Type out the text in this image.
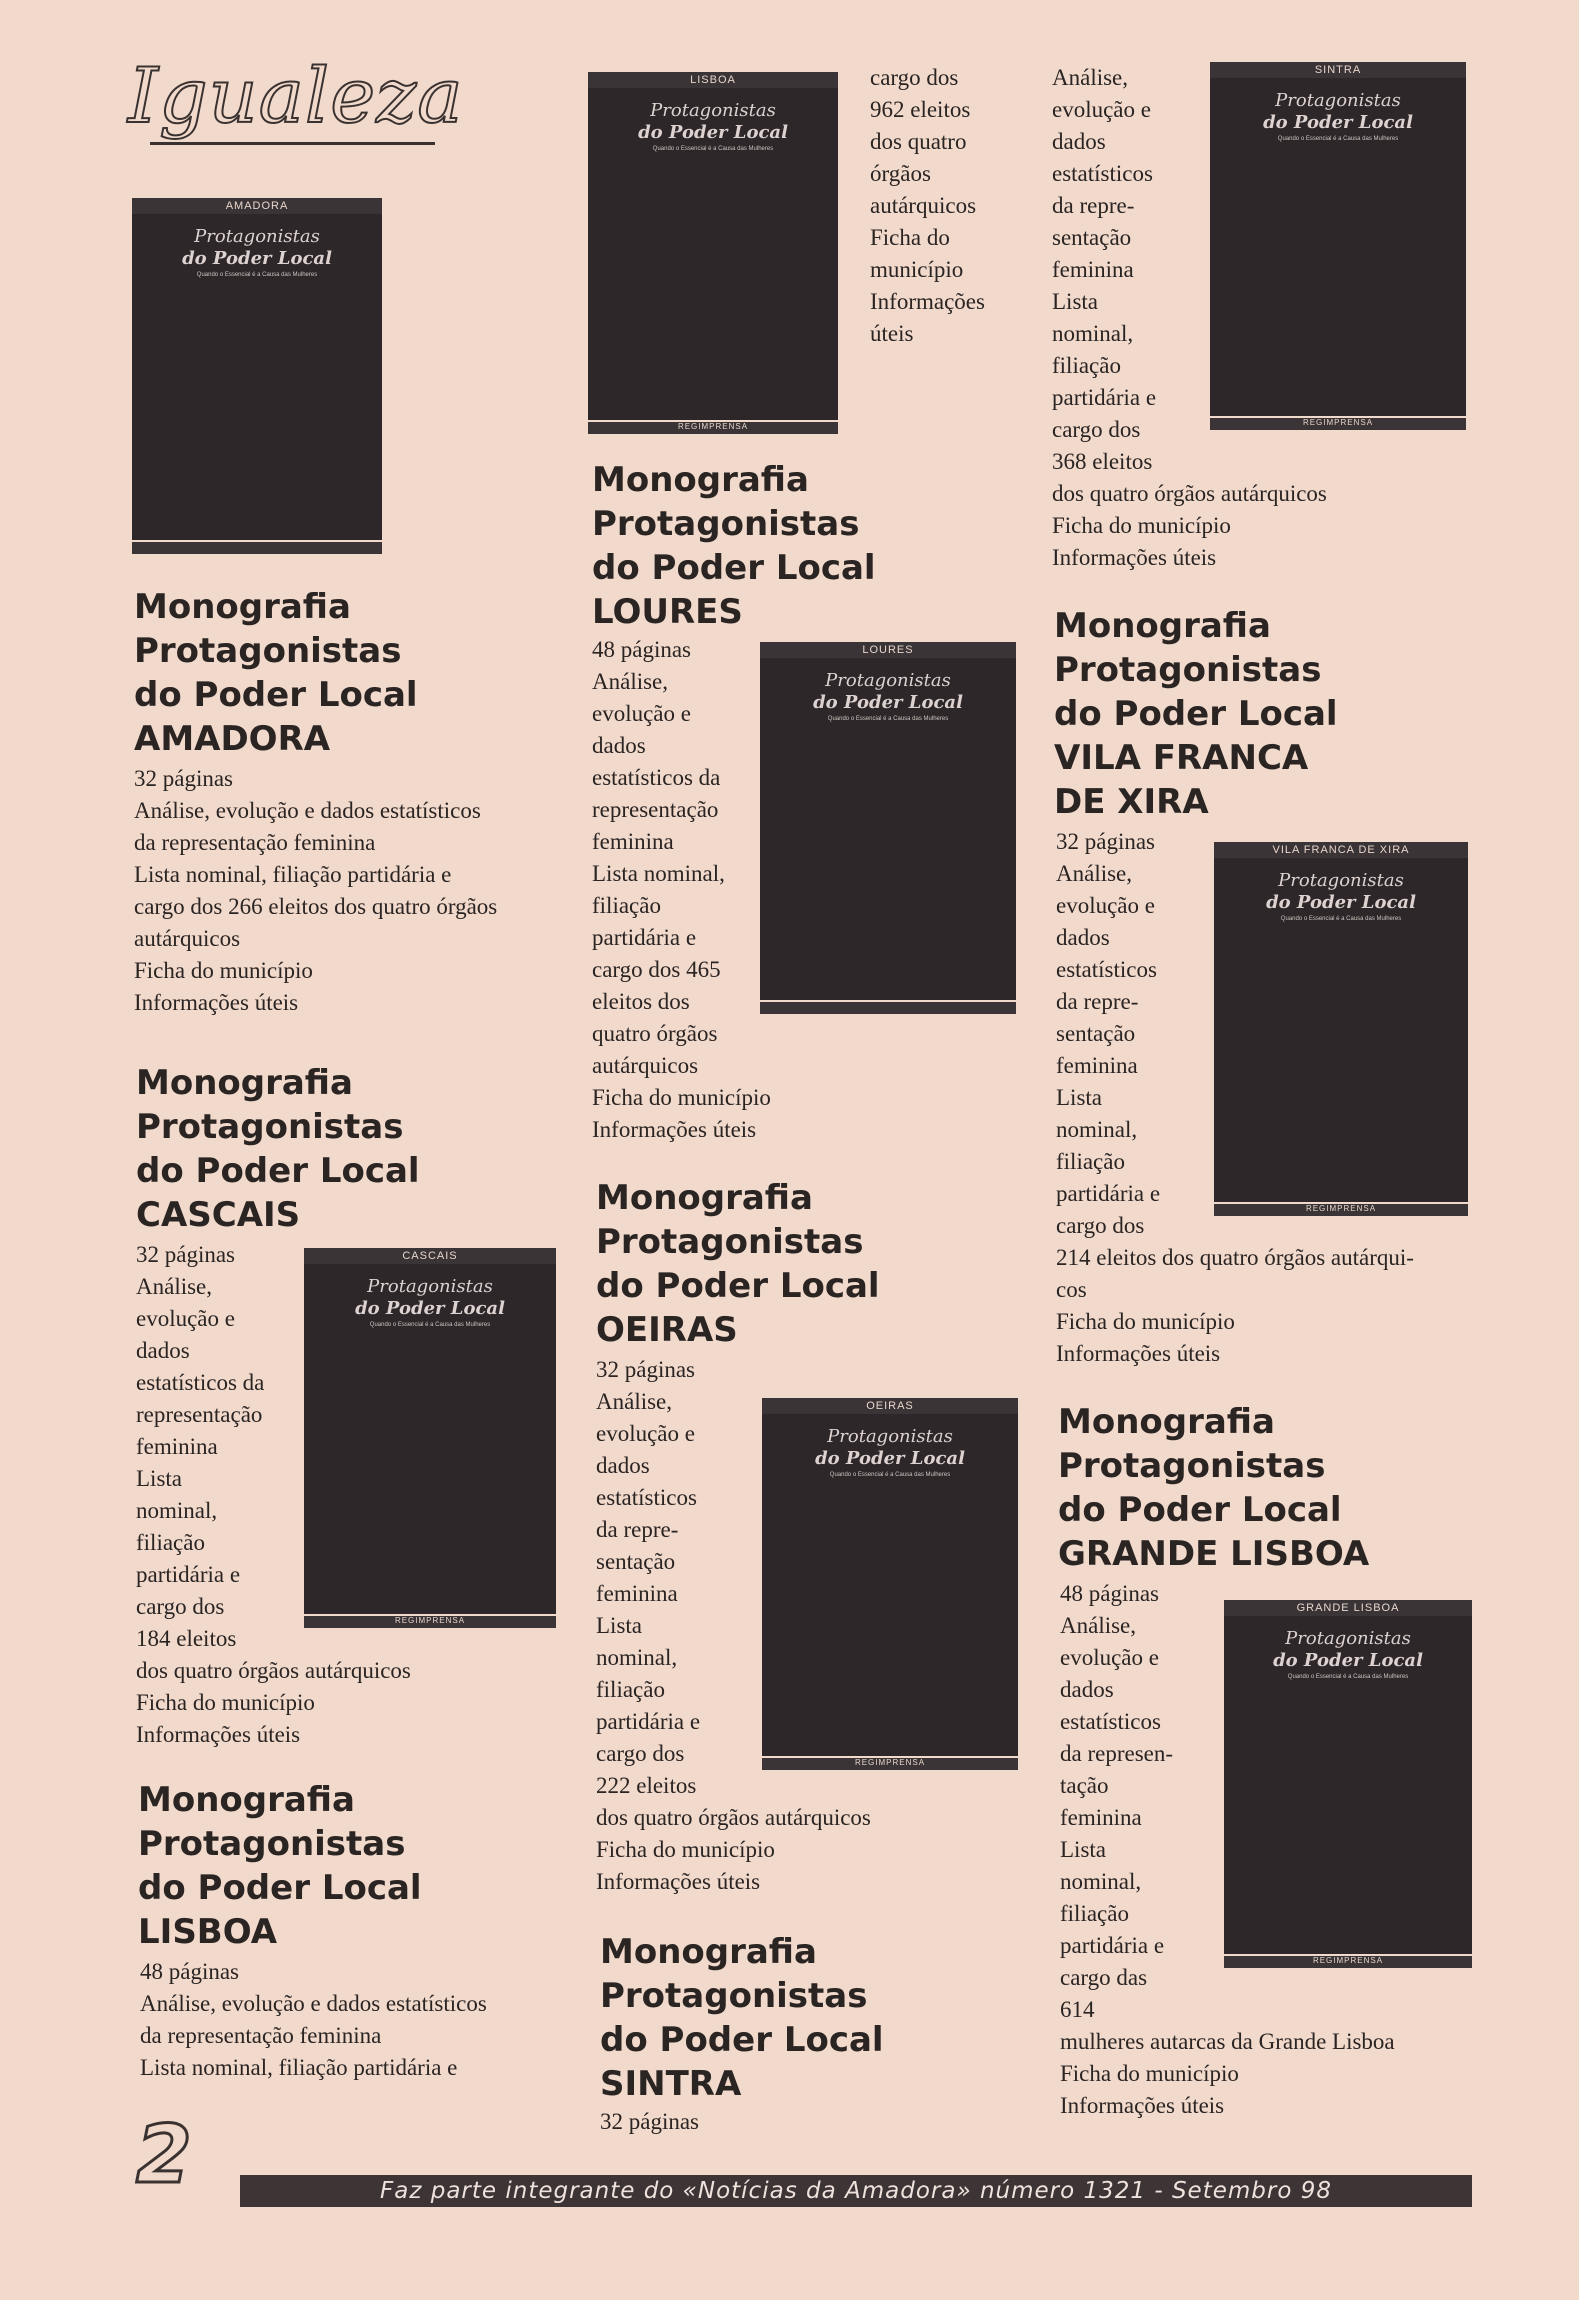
Igualeza
AMADORA
Protagonistas
do Poder Local
Quando o Essencial é a Causa das Mulheres
CASCAIS
Protagonistas
do Poder Local
Quando o Essencial é a Causa das Mulheres
REGIMPRENSA
LISBOA
Protagonistas
do Poder Local
Quando o Essencial é a Causa das Mulheres
REGIMPRENSA
LOURES
Protagonistas
do Poder Local
Quando o Essencial é a Causa das Mulheres
OEIRAS
Protagonistas
do Poder Local
Quando o Essencial é a Causa das Mulheres
REGIMPRENSA
SINTRA
Protagonistas
do Poder Local
Quando o Essencial é a Causa das Mulheres
REGIMPRENSA
VILA FRANCA DE XIRA
Protagonistas
do Poder Local
Quando o Essencial é a Causa das Mulheres
REGIMPRENSA
GRANDE LISBOA
Protagonistas
do Poder Local
Quando o Essencial é a Causa das Mulheres
REGIMPRENSA
Monografia
Protagonistas
do Poder Local
AMADORA
32 páginas
Análise, evolução e dados estatísticos
da representação feminina
Lista nominal, filiação partidária e
cargo dos 266 eleitos dos quatro órgãos
autárquicos
Ficha do município
Informações úteis
Monografia
Protagonistas
do Poder Local
CASCAIS
32 páginas
Análise,
evolução e
dados
estatísticos da
representação
feminina
Lista
nominal,
filiação
partidária e
cargo dos
184 eleitos
dos quatro órgãos autárquicos
Ficha do município
Informações úteis
Monografia
Protagonistas
do Poder Local
LISBOA
48 páginas
Análise, evolução e dados estatísticos
da representação feminina
Lista nominal, filiação partidária e
cargo dos
962 eleitos
dos quatro
órgãos
autárquicos
Ficha do
município
Informações
úteis
Monografia
Protagonistas
do Poder Local
LOURES
48 páginas
Análise,
evolução e
dados
estatísticos da
representação
feminina
Lista nominal,
filiação
partidária e
cargo dos 465
eleitos dos
quatro órgãos
autárquicos
Ficha do município
Informações úteis
Monografia
Protagonistas
do Poder Local
OEIRAS
32 páginas
Análise,
evolução e
dados
estatísticos
da repre-
sentação
feminina
Lista
nominal,
filiação
partidária e
cargo dos
222 eleitos
dos quatro órgãos autárquicos
Ficha do município
Informações úteis
Monografia
Protagonistas
do Poder Local
SINTRA
32 páginas
Análise,
evolução e
dados
estatísticos
da repre-
sentação
feminina
Lista
nominal,
filiação
partidária e
cargo dos
368 eleitos
dos quatro órgãos autárquicos
Ficha do município
Informações úteis
Monografia
Protagonistas
do Poder Local
VILA FRANCA
DE XIRA
32 páginas
Análise,
evolução e
dados
estatísticos
da repre-
sentação
feminina
Lista
nominal,
filiação
partidária e
cargo dos
214 eleitos dos quatro órgãos autárqui-
cos
Ficha do município
Informações úteis
Monografia
Protagonistas
do Poder Local
GRANDE LISBOA
48 páginas
Análise,
evolução e
dados
estatísticos
da represen-
tação
feminina
Lista
nominal,
filiação
partidária e
cargo das
614
mulheres autarcas da Grande Lisboa
Ficha do município
Informações úteis
2	Faz parte integrante do «Notícias da Amadora» número 1321 - Setembro 98
